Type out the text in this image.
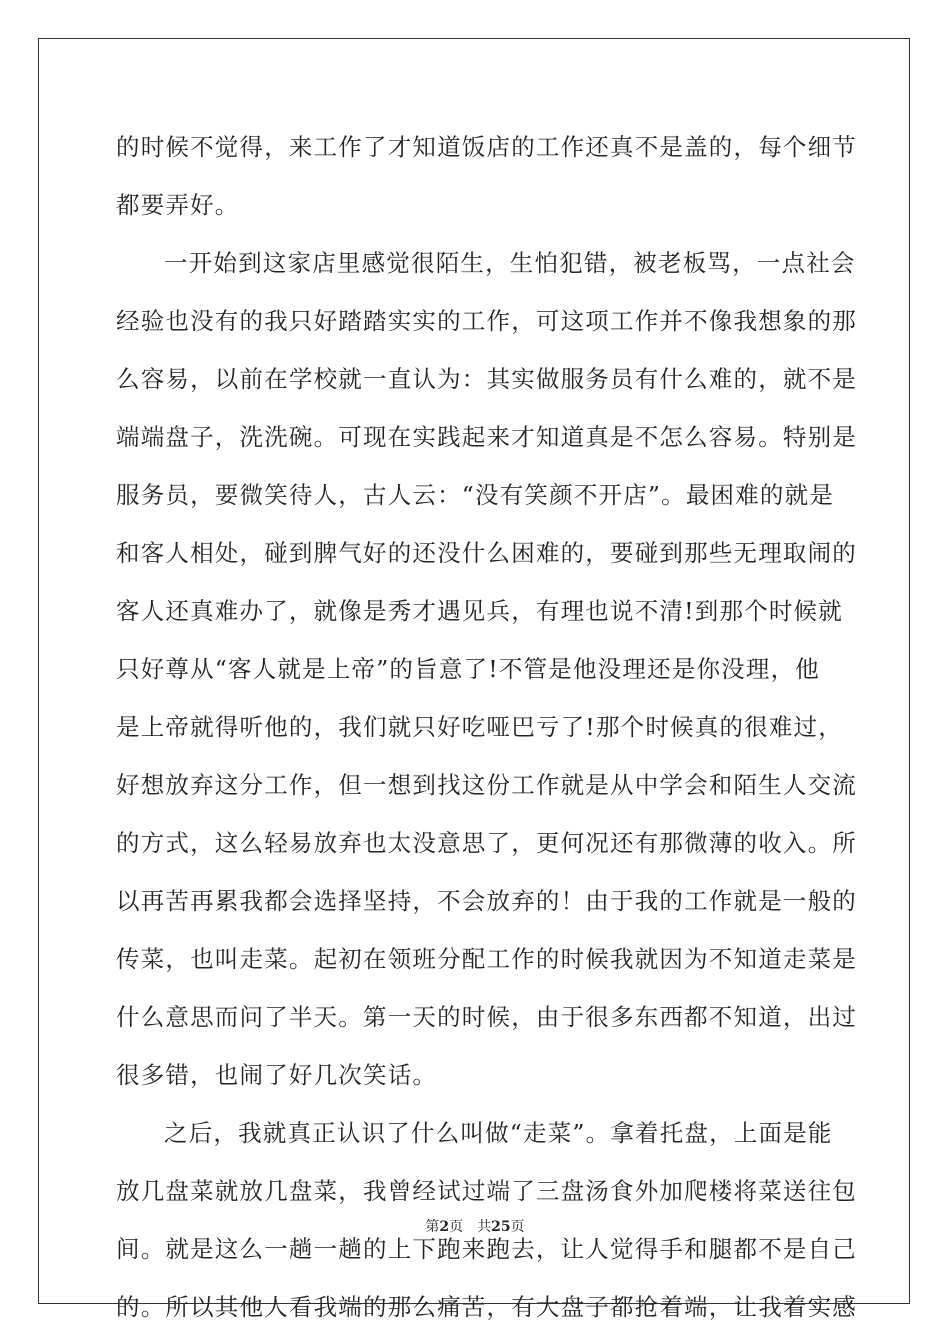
的时候不觉得，来工作了才知道饭店的工作还真不是盖的，每个细节
都要弄好。
一开始到这家店里感觉很陌生，生怕犯错，被老板骂，一点社会
经验也没有的我只好踏踏实实的工作，可这项工作并不像我想象的那
么容易，以前在学校就一直认为：其实做服务员有什么难的，就不是
端端盘子，洗洗碗。可现在实践起来才知道真是不怎么容易。特别是
服务员，要微笑待人，古人云：“没有笑颜不开店”。最困难的就是
和客人相处，碰到脾气好的还没什么困难的，要碰到那些无理取闹的
客人还真难办了，就像是秀才遇见兵，有理也说不清!到那个时候就
只好尊从“客人就是上帝”的旨意了!不管是他没理还是你没理，他
是上帝就得听他的，我们就只好吃哑巴亏了!那个时候真的很难过，
好想放弃这分工作，但一想到找这份工作就是从中学会和陌生人交流
的方式，这么轻易放弃也太没意思了，更何况还有那微薄的收入。所
以再苦再累我都会选择坚持，不会放弃的！由于我的工作就是一般的
传菜，也叫走菜。起初在领班分配工作的时候我就因为不知道走菜是
什么意思而问了半天。第一天的时候，由于很多东西都不知道，出过
很多错，也闹了好几次笑话。
之后，我就真正认识了什么叫做“走菜”。拿着托盘，上面是能
放几盘菜就放几盘菜，我曾经试过端了三盘汤食外加爬楼将菜送往包
间。就是这么一趟一趟的上下跑来跑去，让人觉得手和腿都不是自己
的。所以其他人看我端的那么痛苦，有大盘子都抢着端，让我着实感
第2页 共25页
